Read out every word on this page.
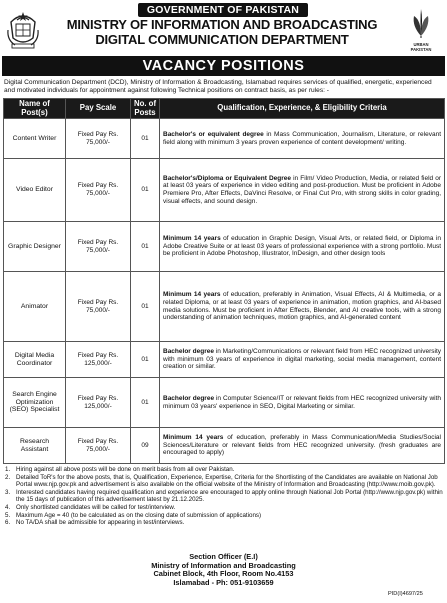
GOVERNMENT OF PAKISTAN
MINISTRY OF INFORMATION AND BROADCASTING
DIGITAL COMMUNICATION DEPARTMENT	URBAN
PAKISTAN
VACANCY POSITIONS
Digital Communication Department (DCD), Ministry of Information & Broadcasting, Islamabad requires services of qualified, energetic, experienced and motivated individuals for appointment against following Technical positions on contract basis, as per rules: -
Name of Post(s)	Pay Scale	No. of Posts	Qualification, Experience, & Eligibility Criteria
Content Writer	Fixed Pay Rs. 75,000/-	01	Bachelor's or equivalent degree in Mass Communication, Journalism, Literature, or relevant field along with minimum 3 years proven experience of content development/ writing.
Video Editor	Fixed Pay Rs. 75,000/-	01	Bachelor's/Diploma or Equivalent Degree in Film/ Video Production, Media, or related field or at least 03 years of experience in video editing and post-production. Must be proficient in Adobe Premiere Pro, After Effects, DaVinci Resolve, or Final Cut Pro, with strong skills in color grading, visual effects, and sound design.
Graphic Designer	Fixed Pay Rs. 75,000/-	01	Minimum 14 years of education in Graphic Design, Visual Arts, or related field, or Diploma in Adobe Creative Suite or at least 03 years of professional experience with a strong portfolio. Must be proficient in Adobe Photoshop, Illustrator, InDesign, and other design tools
Animator	Fixed Pay Rs. 75,000/-	01	Minimum 14 years of education, preferably in Animation, Visual Effects, AI & Multimedia, or a related Diploma, or at least 03 years of experience in animation, motion graphics, and AI-based media solutions. Must be proficient in After Effects, Blender, and AI creative tools, with a strong understanding of animation techniques, motion graphics, and AI-generated content
Digital Media Coordinator	Fixed Pay Rs. 125,000/-	01	Bachelor degree in Marketing/Communications or relevant field from HEC recognized university with minimum 03 years of experience in digital marketing, social media management, content creation or similar.
Search Engine Optimization (SEO) Specialist	Fixed Pay Rs. 125,000/-	01	Bachelor degree in Computer Science/IT or relevant fields from HEC recognized university with minimum 03 years' experience in SEO, Digital Marketing or similar.
Research Assistant	Fixed Pay Rs. 75,000/-	09	Minimum 14 years of education, preferably in Mass Communication/Media Studies/Social Sciences/Literature or relevant fields from HEC recognized university. (fresh graduates are encouraged to apply)
1. Hiring against all above posts will be done on merit basis from all over Pakistan.
2. Detailed ToR's for the above posts, that is, Qualification, Experience, Expertise, Criteria for the Shortlisting of the Candidates are available on National Job Portal www.njp.gov.pk and advertisement is also available on the official website of the Ministry of Information and Broadcasting (http://www.moib.gov.pk).
3. Interested candidates having required qualification and experience are encouraged to apply online through National Job Portal (http://www.njp.gov.pk) within the 15 days of publication of this advertisement latest by 21.12.2025.
4. Only shortlisted candidates will be called for test/interview.
5. Maximum Age = 40 (to be calculated as on the closing date of submission of applications)
6. No TA/DA shall be admissible for appearing in test/interviews.
Section Officer (E.I)
Ministry of Information and Broadcasting
Cabinet Block, 4th Floor, Room No.4153
Islamabad - Ph: 051-9103659
PID(I)4697/25
